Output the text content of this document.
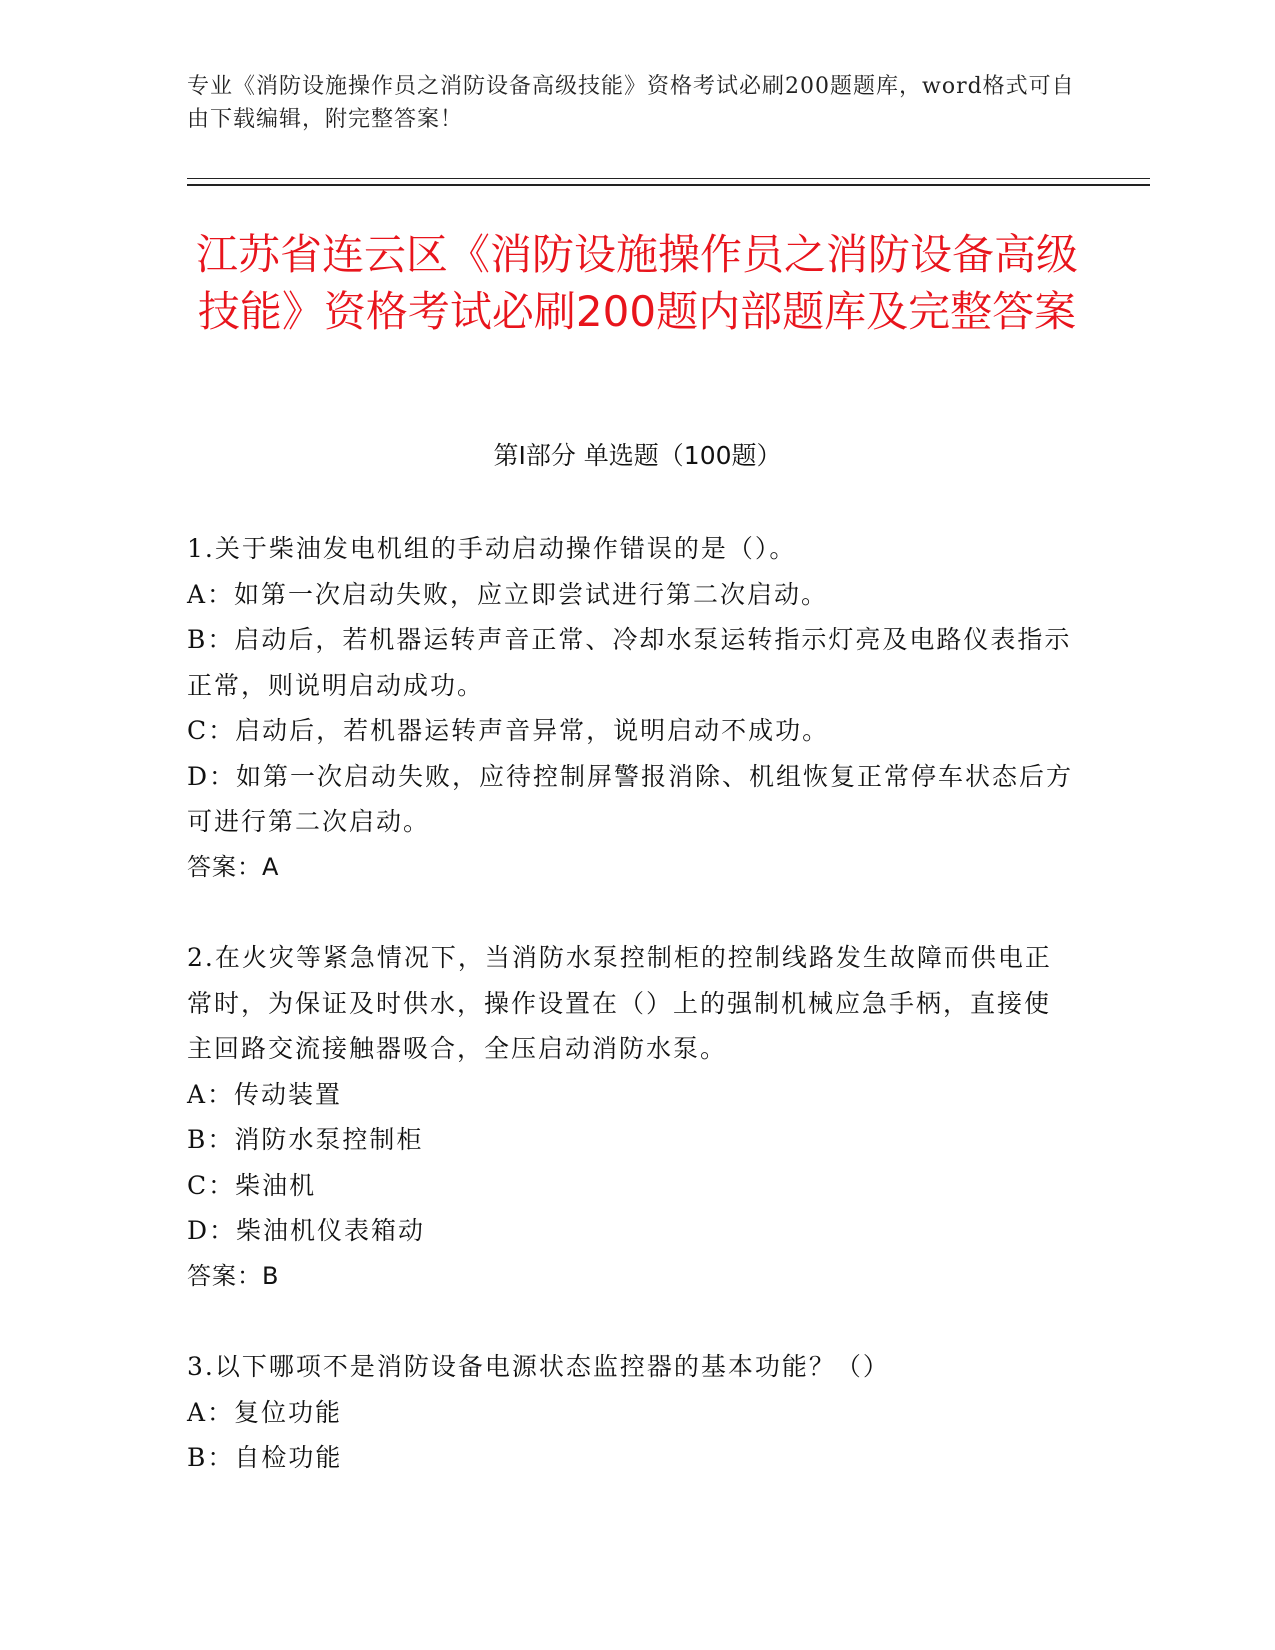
专业《消防设施操作员之消防设备高级技能》资格考试必刷200题题库，word格式可自由下载编辑，附完整答案！
江苏省连云区《消防设施操作员之消防设备高级技能》资格考试必刷200题内部题库及完整答案
第I部分 单选题（100题）
1.关于柴油发电机组的手动启动操作错误的是（）。
A：如第一次启动失败，应立即尝试进行第二次启动。
B：启动后，若机器运转声音正常、冷却水泵运转指示灯亮及电路仪表指示正常，则说明启动成功。
C：启动后，若机器运转声音异常，说明启动不成功。
D：如第一次启动失败，应待控制屏警报消除、机组恢复正常停车状态后方可进行第二次启动。
答案：A
2.在火灾等紧急情况下，当消防水泵控制柜的控制线路发生故障而供电正常时，为保证及时供水，操作设置在（）上的强制机械应急手柄，直接使主回路交流接触器吸合，全压启动消防水泵。
A：传动装置
B：消防水泵控制柜
C：柴油机
D：柴油机仪表箱动
答案：B
3.以下哪项不是消防设备电源状态监控器的基本功能？（）
A：复位功能
B：自检功能
